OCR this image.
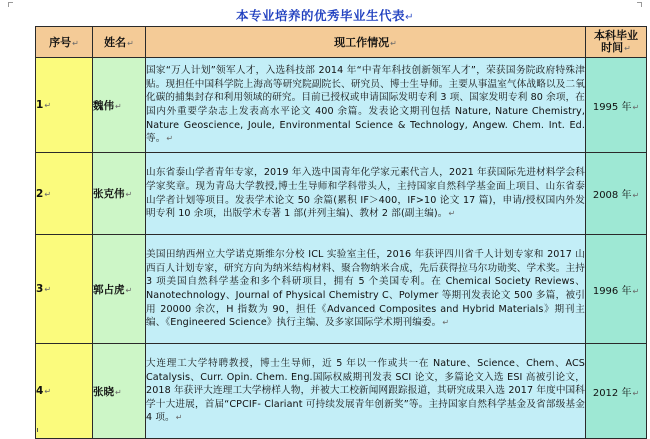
本专业培养的优秀毕业生代表↵
序号↵	姓名↵	现工作情况↵	本科毕业
时间↵

1↵	魏伟↵	国家“万人计划”领军人才，入选科技部 2014 年“中青年科技创新领军人才”，荣获国务院政府特殊津贴。现担任中国科学院上海高等研究院副院长、研究员、博士生导师。主要从事温室气体战略以及二氧化碳的捕集封存和利用领域的研究。目前已授权或申请国际发明专利 3 项、国家发明专利 80 余项，在国内外重要学杂志上发表高水平论文 400 余篇。发表论文期刊包括 Nature, Nature Chemistry, Nature Geoscience, Joule, Environmental Science & Technology, Angew. Chem. Int. Ed.等。↵	1995 年↵
2↵	张克伟↵	山东省泰山学者青年专家，2019 年入选中国青年化学家元素代言人，2021 年获国际先进材料学会科学家奖章。现为青岛大学教授,博士生导师和学科带头人，主持国家自然科学基金面上项目、山东省泰山学者计划等项目。发表学术论文 50 余篇(累积 IF＞400，IF>10 论文 17 篇)，申请/授权国内外发明专利 10 余项，出版学术专著 1 部(并列主编)、教材 2 部(副主编)。↵	2008 年↵
3↵	郭占虎↵	美国田纳西州立大学诺克斯维尔分校 ICL 实验室主任，2016 年获评四川省千人计划专家和 2017 山西百人计划专家，研究方向为纳米结构材料、聚合物纳米合成，先后获得拉马尔功勋奖、学术奖。主持 3 项美国自然科学基金和多个科研项目，拥有 5 个美国专利。在 Chemical Society Reviews、Nanotechnology、Journal of Physical Chemistry C、Polymer 等期刊发表论文 500 多篇，被引用 20000 余次，H 指数为 90，担任《Advanced Composites and Hybrid Materials》期刊主编、《Engineered Science》执行主编、及多家国际学术期刊编委。↵	1996 年↵
4↵	张晓↵	大连理工大学特聘教授，博士生导师，近 5 年以一作或共一在 Nature、Science、Chem、ACS Catalysis、Curr. Opin. Chem. Eng.国际权威期刊发表 SCI 论文，多篇论文入选 ESI 高被引论文，2018 年获评大连理工大学榜样人物，并被大工校新闻网跟踪报道，其研究成果入选 2017 年度中国科学十大进展，首届“CPCIF- Clariant 可持续发展青年创新奖”等。主持国家自然科学基金及省部级基金 4 项。↵	2012 年↵
